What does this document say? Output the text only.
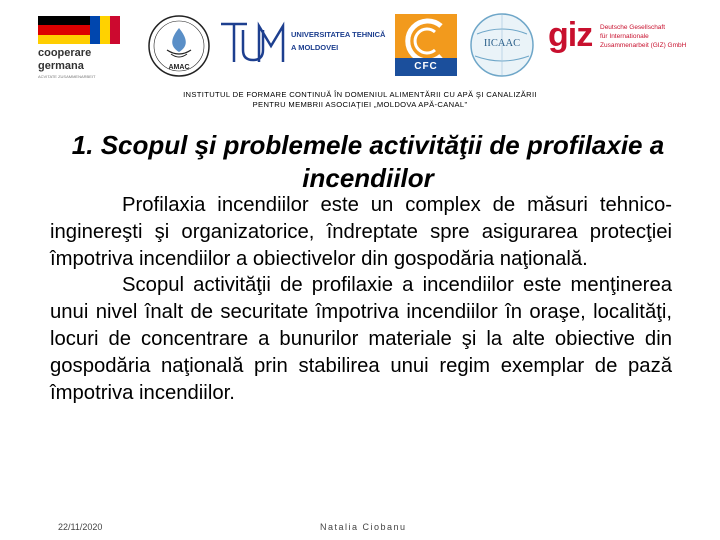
cooperare
germana
ACVITATE ZUSAMMENARBEIT
AMAC
UNIVERSITATEA TEHNICĂ
A MOLDOVEI
CFC
IICAAC giz Deutsche Gesellschaft
für Internationale
Zusammenarbeit (GIZ) GmbH
INSTITUTUL DE FORMARE CONTINUĂ ÎN DOMENIUL ALIMENTĂRII CU APĂ ŞI CANALIZĂRII
PENTRU MEMBRII ASOCIAŢIEI „MOLDOVA APĂ-CANAL”
1. Scopul şi problemele activităţii de profilaxie a incendiilor

Profilaxia incendiilor este un complex de măsuri tehnico-inginereşti şi organizatorice, îndreptate spre asigurarea protecţiei împotriva incendiilor a obiectivelor din gospodăria naţională.

Scopul activităţii de profilaxie a incendiilor este menţinerea unui nivel înalt de securitate împotriva incendiilor în oraşe, localităţi, locuri de concentrare a bunurilor materiale şi la alte obiective din gospodăria naţională prin stabilirea unui regim exemplar de pază împotriva incendiilor.

22/11/2020	Natalia Ciobanu
